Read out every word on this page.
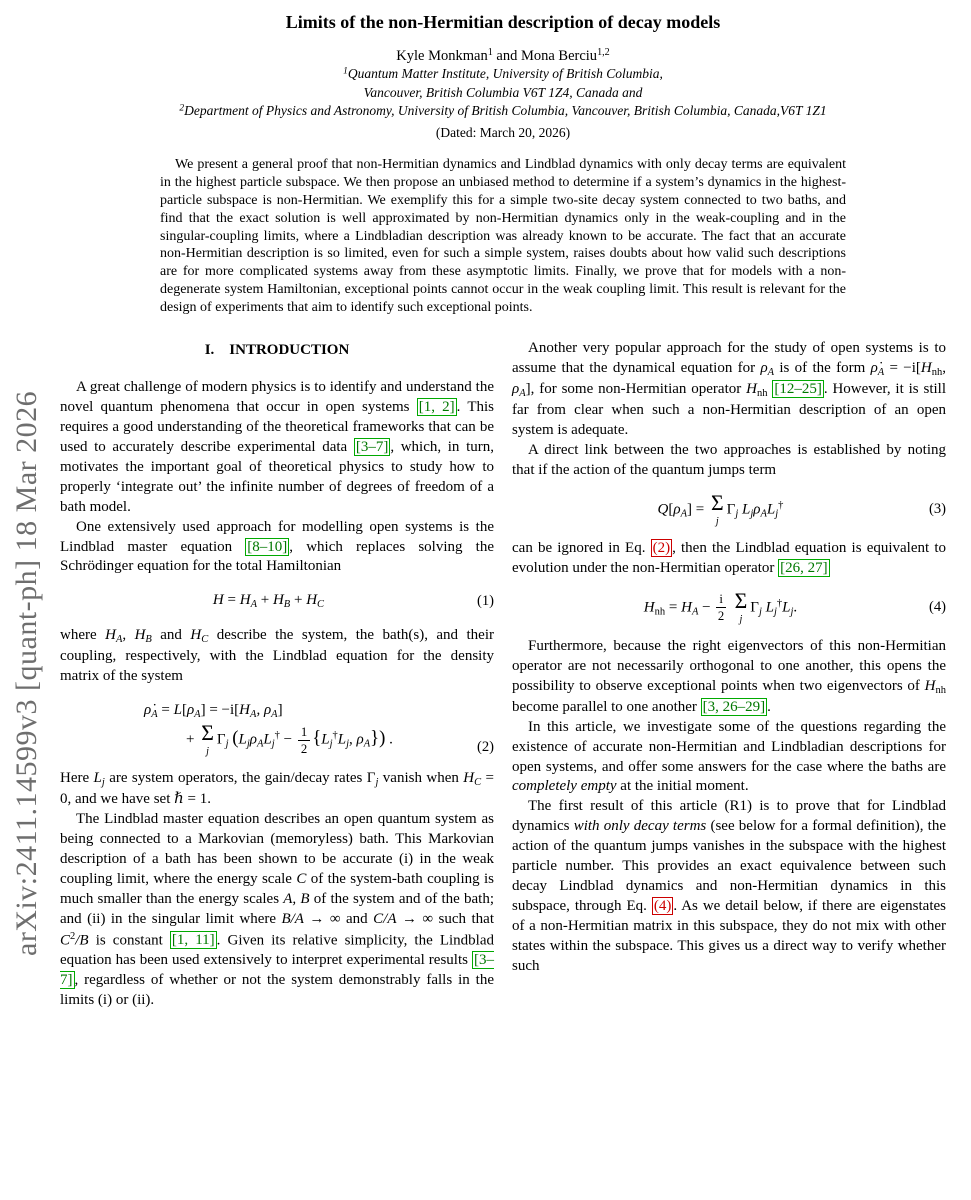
arXiv:2411.14599v3 [quant-ph] 18 Mar 2026
Limits of the non-Hermitian description of decay models
Kyle Monkman$^1$ and Mona Berciu$^{1,2}$
$^1$Quantum Matter Institute, University of British Columbia,
Vancouver, British Columbia V6T 1Z4, Canada and
$^2$Department of Physics and Astronomy, University of British Columbia, Vancouver, British Columbia, Canada,V6T 1Z1
(Dated: March 20, 2026)
We present a general proof that non-Hermitian dynamics and Lindblad dynamics with only decay terms are equivalent in the highest particle subspace. We then propose an unbiased method to determine if a system’s dynamics in the highest-particle subspace is non-Hermitian. We exemplify this for a simple two-site decay system connected to two baths, and find that the exact solution is well approximated by non-Hermitian dynamics only in the weak-coupling and in the singular-coupling limits, where a Lindbladian description was already known to be accurate. The fact that an accurate non-Hermitian description is so limited, even for such a simple system, raises doubts about how valid such descriptions are for more complicated systems away from these asymptotic limits. Finally, we prove that for models with a non-degenerate system Hamiltonian, exceptional points cannot occur in the weak coupling limit. This result is relevant for the design of experiments that aim to identify such exceptional points.
I. INTRODUCTION

A great challenge of modern physics is to identify and understand the novel quantum phenomena that occur in open systems [1, 2] . This requires a good understanding of the theoretical frameworks that can be used to accurately describe experimental data [3–7] , which, in turn, motivates the important goal of theoretical physics to study how to properly ‘integrate out’ the infinite number of degrees of freedom of a bath model.

One extensively used approach for modelling open systems is the Lindblad master equation [8–10] , which replaces solving the Schrödinger equation for the total Hamiltonian

$H = H_A + H_B + H_C$	(1)

where $H_A$, $H_B$ and $H_C$ describe the system, the bath(s), and their coupling, respectively, with the Lindblad equation for the density matrix of the system

$\rhȯ_A = L[\rho_A] = -i[H_A$, $\rho_A$]
+ Σ
j
$\Gamma_j$ ($L_j\rho_AL_j^\dagger - \frac{1}{2} \{L_j^\dagger L_j$, $\rho_A$}) .	(2)

Here $L_j$ are system operators, the gain/decay rates $\Gamma_j$ vanish when $H_C = 0$, and we have set ℏ = 1.

The Lindblad master equation describes an open quantum system as being connected to a Markovian (memoryless) bath. This Markovian description of a bath has been shown to be accurate (i) in the weak coupling limit, where the energy scale C of the system-bath coupling is much smaller than the energy scales A, B of the system and of the bath; and (ii) in the singular limit where B/A → ∞ and C/A → ∞ such that $C^2/B$ is constant [1, 11] . Given its relative simplicity, the Lindblad equation has been used extensively to interpret experimental results [3–7] , regardless of whether or not the system demonstrably falls in the limits (i) or (ii).

Another very popular approach for the study of open systems is to assume that the dynamical equation for $\rho_A$ is of the form $\rhȯ_A = -i[H_{nh}$, $\rho_A$], for some non-Hermitian operator $H_{nh}$ [12–25] . However, it is still far from clear when such a non-Hermitian description of an open system is adequate.

A direct link between the two approaches is established by noting that if the action of the quantum jumps term

$Q[\rho_A] = \Sigma$
j
$\Gamma_j$ $L_j\rho_AL_j^\dagger$	(3)

can be ignored in Eq. (2) , then the Lindblad equation is equivalent to evolution under the non-Hermitian operator [26, 27]

$H_{nh} = H_A - \frac{i}{2}$
Σ
j
$\Gamma_j$ $L_j^\dagger L_j$.	(4)

Furthermore, because the right eigenvectors of this non-Hermitian operator are not necessarily orthogonal to one another, this opens the possibility to observe exceptional points when two eigenvectors of $H_{nh}$ become parallel to one another [3, 26–29] .

In this article, we investigate some of the questions regarding the existence of accurate non-Hermitian and Lindbladian descriptions for open systems, and offer some answers for the case where the baths are completely empty at the initial moment.

The first result of this article (R1) is to prove that for Lindblad dynamics with only decay terms (see below for a formal definition), the action of the quantum jumps vanishes in the subspace with the highest particle number. This provides an exact equivalence between such decay Lindblad dynamics and non-Hermitian dynamics in this subspace, through Eq. (4) . As we detail below, if there are eigenstates of a non-Hermitian matrix in this subspace, they do not mix with other states within the subspace. This gives us a direct way to verify whether such
